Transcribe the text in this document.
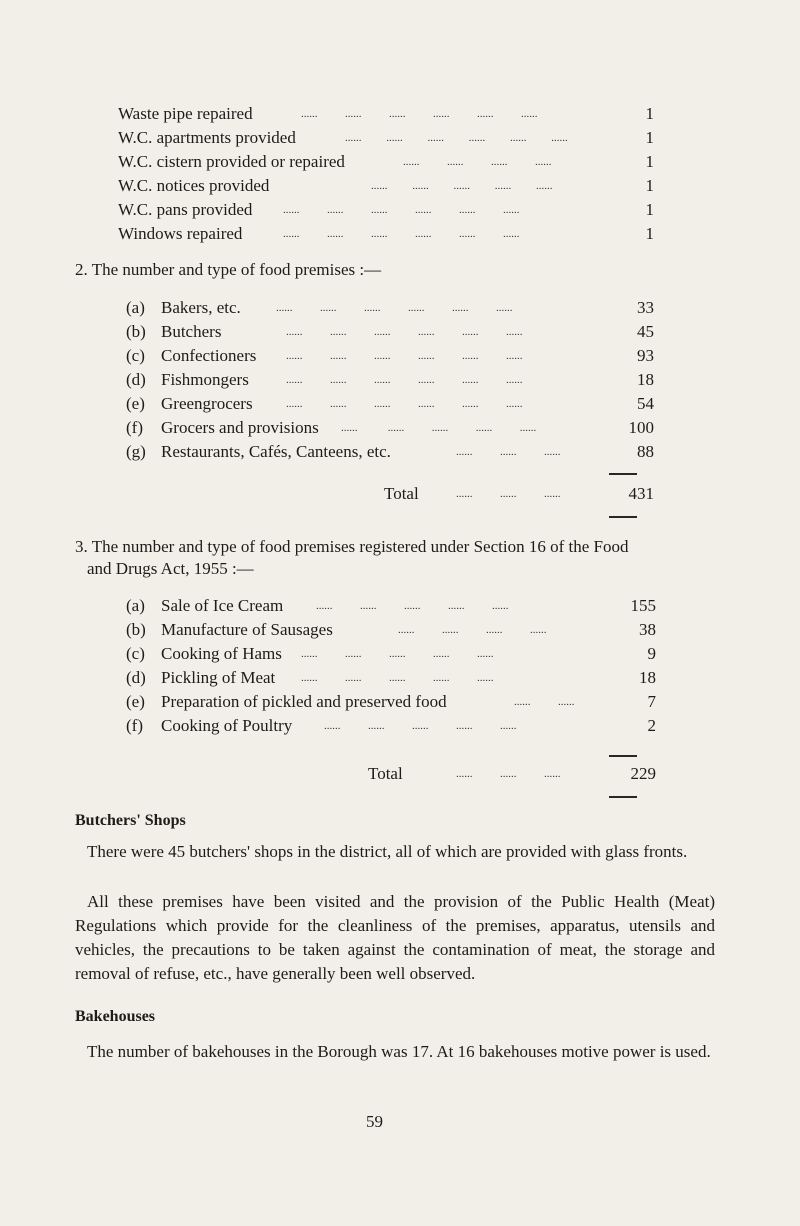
Waste pipe repaired	......          ......          ......          ......          ......          ......	1
W.C. apartments provided	......         ......         ......         ......         ......         ......	1
W.C. cistern provided or repaired	......          ......          ......          ......	1
W.C. notices provided	......         ......         ......         ......         ......	1
W.C. pans provided	......          ......          ......          ......          ......          ......	1
Windows repaired	......          ......          ......          ......          ......          ......	1
2. The number and type of food premises :—
(a) Bakers, etc.	......          ......          ......          ......          ......          ......	33
(b) Butchers	......          ......          ......          ......          ......          ......	45
(c) Confectioners	......          ......          ......          ......          ......          ......	93
(d) Fishmongers	......          ......          ......          ......          ......          ......	18
(e) Greengrocers	......          ......          ......          ......          ......          ......	54
(f) Grocers and provisions ......           ......          ......          ......          ......	100
(g) Restaurants, Cafés, Canteens, etc.	......          ......          ......	88
Total	......          ......          ......	431
3. The number and type of food premises registered under Section 16 of the Food
and Drugs Act, 1955 :—
(a) Sale of Ice Cream	......          ......          ......          ......          ......	155
(b) Manufacture of Sausages	......          ......          ......          ......	38
(c) Cooking of Hams ......          ......          ......          ......          ......	9
(d) Pickling of Meat ......          ......          ......          ......          ......	18
(e) Preparation of pickled and preserved food	......          ......	7
(f) Cooking of Poultry	......          ......          ......          ......          ......	2
Total	......          ......          ......	229
Butchers' Shops
There were 45 butchers' shops in the district, all of which are provided with glass fronts.
All these premises have been visited and the provision of the Public Health (Meat) Regulations which provide for the cleanliness of the premises, apparatus, utensils and vehicles, the precautions to be taken against the contamination of meat, the storage and removal of refuse, etc., have generally been well observed.
Bakehouses
The number of bakehouses in the Borough was 17. At 16 bakehouses motive power is used.
59
